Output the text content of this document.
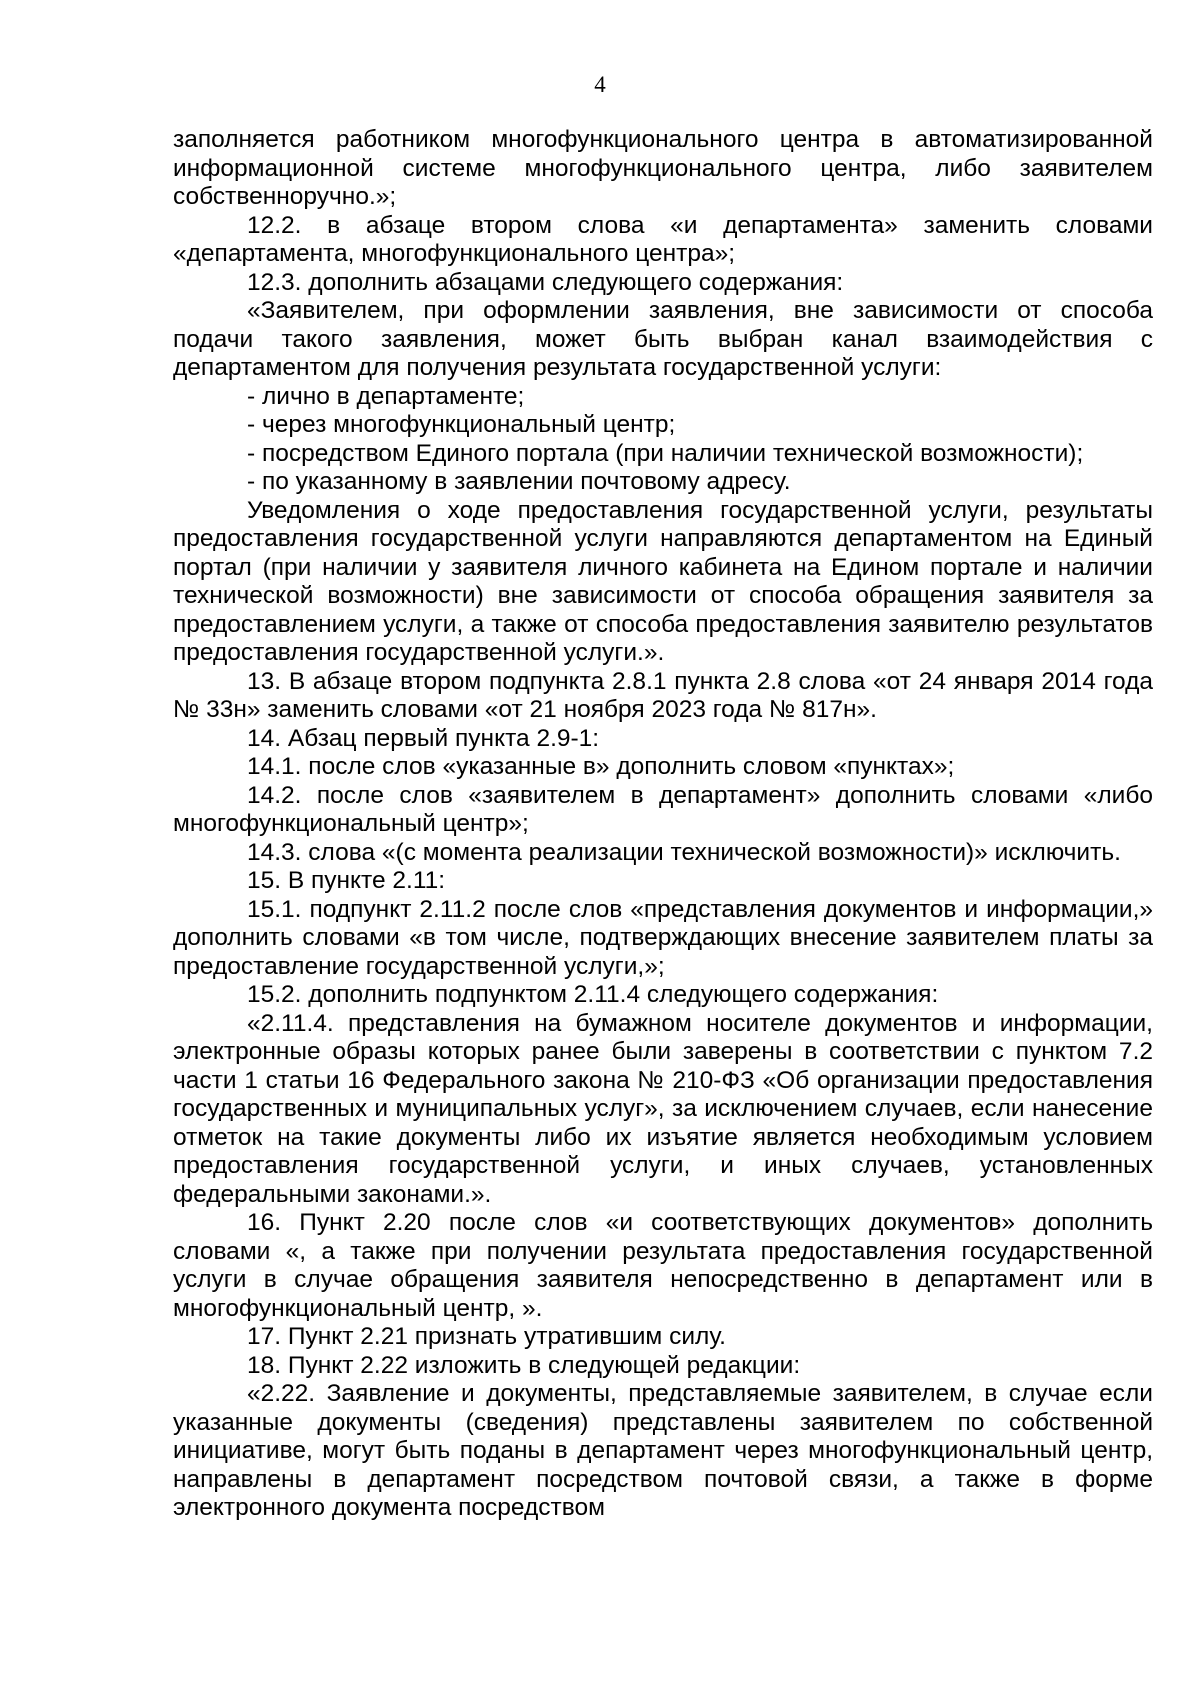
4

заполняется работником многофункционального центра в автоматизированной информационной системе многофункционального центра, либо заявителем собственноручно.»;

12.2. в абзаце втором слова «и департамента» заменить словами «департамента, многофункционального центра»;

12.3. дополнить абзацами следующего содержания:

«Заявителем, при оформлении заявления, вне зависимости от способа подачи такого заявления, может быть выбран канал взаимодействия с департаментом для получения результата государственной услуги:

- лично в департаменте;

- через многофункциональный центр;

- посредством Единого портала (при наличии технической возможности);

- по указанному в заявлении почтовому адресу.

Уведомления о ходе предоставления государственной услуги, результаты предоставления государственной услуги направляются департаментом на Единый портал (при наличии у заявителя личного кабинета на Едином портале и наличии технической возможности) вне зависимости от способа обращения заявителя за предоставлением услуги, а также от способа предоставления заявителю результатов предоставления государственной услуги.».

13. В абзаце втором подпункта 2.8.1 пункта 2.8 слова «от 24 января 2014 года № 33н» заменить словами «от 21 ноября 2023 года № 817н».

14. Абзац первый пункта 2.9-1:

14.1. после слов «указанные в» дополнить словом «пунктах»;

14.2. после слов «заявителем в департамент» дополнить словами «либо многофункциональный центр»;

14.3. слова «(с момента реализации технической возможности)» исключить.

15. В пункте 2.11:

15.1. подпункт 2.11.2 после слов «представления документов и информации,» дополнить словами «в том числе, подтверждающих внесение заявителем платы за предоставление государственной услуги,»;

15.2. дополнить подпунктом 2.11.4 следующего содержания:

«2.11.4. представления на бумажном носителе документов и информации, электронные образы которых ранее были заверены в соответствии с пунктом 7.2 части 1 статьи 16 Федерального закона № 210-ФЗ «Об организации предоставления государственных и муниципальных услуг», за исключением случаев, если нанесение отметок на такие документы либо их изъятие является необходимым условием предоставления государственной услуги, и иных случаев, установленных федеральными законами.».

16. Пункт 2.20 после слов «и соответствующих документов» дополнить словами «, а также при получении результата предоставления государственной услуги в случае обращения заявителя непосредственно в департамент или в многофункциональный центр, ».

17. Пункт 2.21 признать утратившим силу.

18. Пункт 2.22 изложить в следующей редакции:

«2.22. Заявление и документы, представляемые заявителем, в случае если указанные документы (сведения) представлены заявителем по собственной инициативе, могут быть поданы в департамент через многофункциональный центр, направлены в департамент посредством почтовой связи, а также в форме электронного документа посредством
